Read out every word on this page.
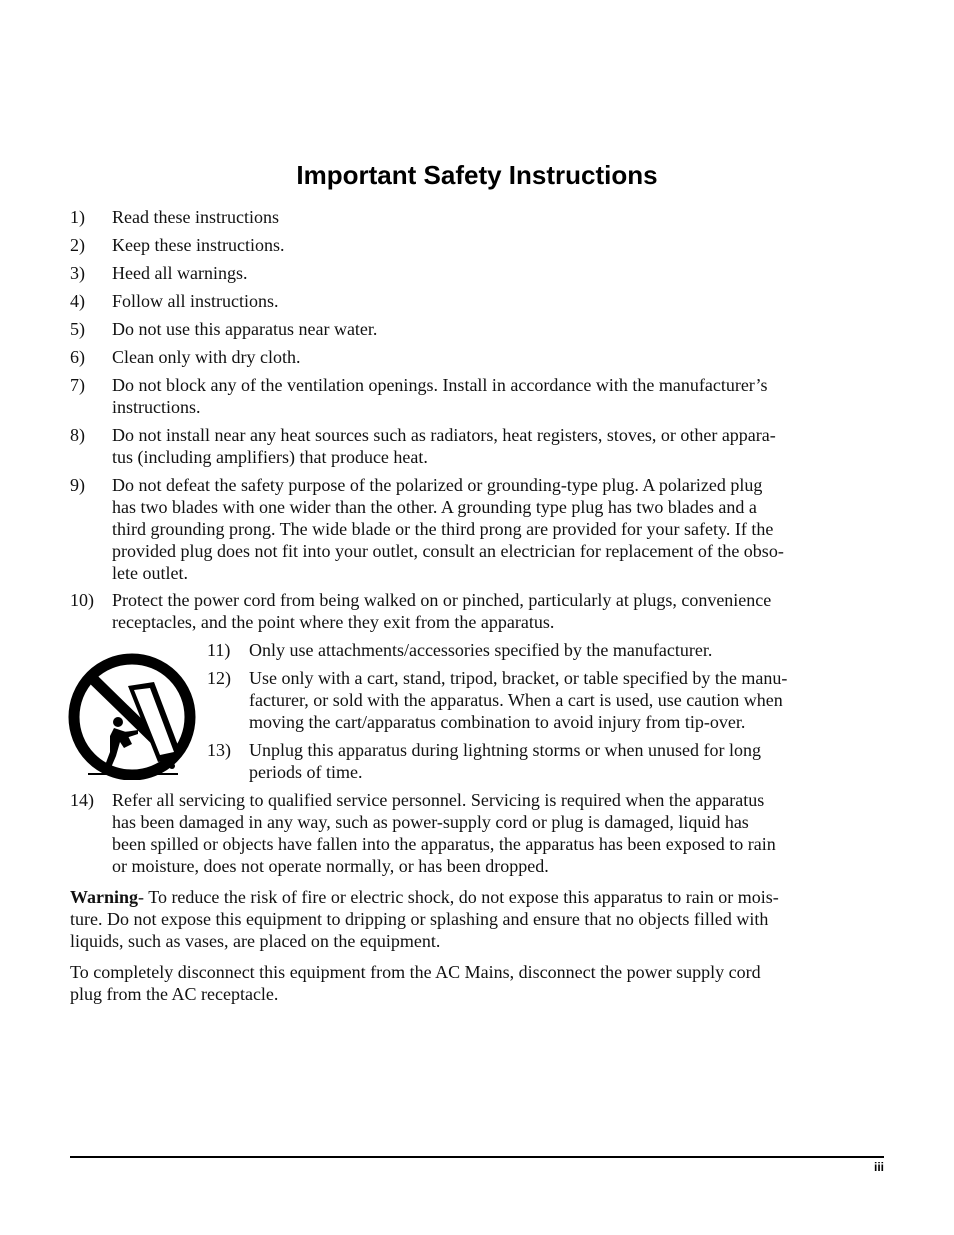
Important Safety Instructions
1) Read these instructions
2) Keep these instructions.
3) Heed all warnings.
4) Follow all instructions.
5) Do not use this apparatus near water.
6) Clean only with dry cloth.
7) Do not block any of the ventilation openings. Install in accordance with the manufacturer’s
instructions.
8) Do not install near any heat sources such as radiators, heat registers, stoves, or other appara-
tus (including amplifiers) that produce heat.
9) Do not defeat the safety purpose of the polarized or grounding-type plug. A polarized plug
has two blades with one wider than the other. A grounding type plug has two blades and a
third grounding prong. The wide blade or the third prong are provided for your safety. If the
provided plug does not fit into your outlet, consult an electrician for replacement of the obso-
lete outlet.
10) Protect the power cord from being walked on or pinched, particularly at plugs, convenience
receptacles, and the point where they exit from the apparatus.
11) Only use attachments/accessories specified by the manufacturer.
12) Use only with a cart, stand, tripod, bracket, or table specified by the manu-
facturer, or sold with the apparatus. When a cart is used, use caution when
moving the cart/apparatus combination to avoid injury from tip-over.
13) Unplug this apparatus during lightning storms or when unused for long
periods of time.
14) Refer all servicing to qualified service personnel. Servicing is required when the apparatus
has been damaged in any way, such as power-supply cord or plug is damaged, liquid has
been spilled or objects have fallen into the apparatus, the apparatus has been exposed to rain
or moisture, does not operate normally, or has been dropped.
Warning- To reduce the risk of fire or electric shock, do not expose this apparatus to rain or mois-
ture. Do not expose this equipment to dripping or splashing and ensure that no objects filled with
liquids, such as vases, are placed on the equipment.
To completely disconnect this equipment from the AC Mains, disconnect the power supply cord
plug from the AC receptacle.
iii
